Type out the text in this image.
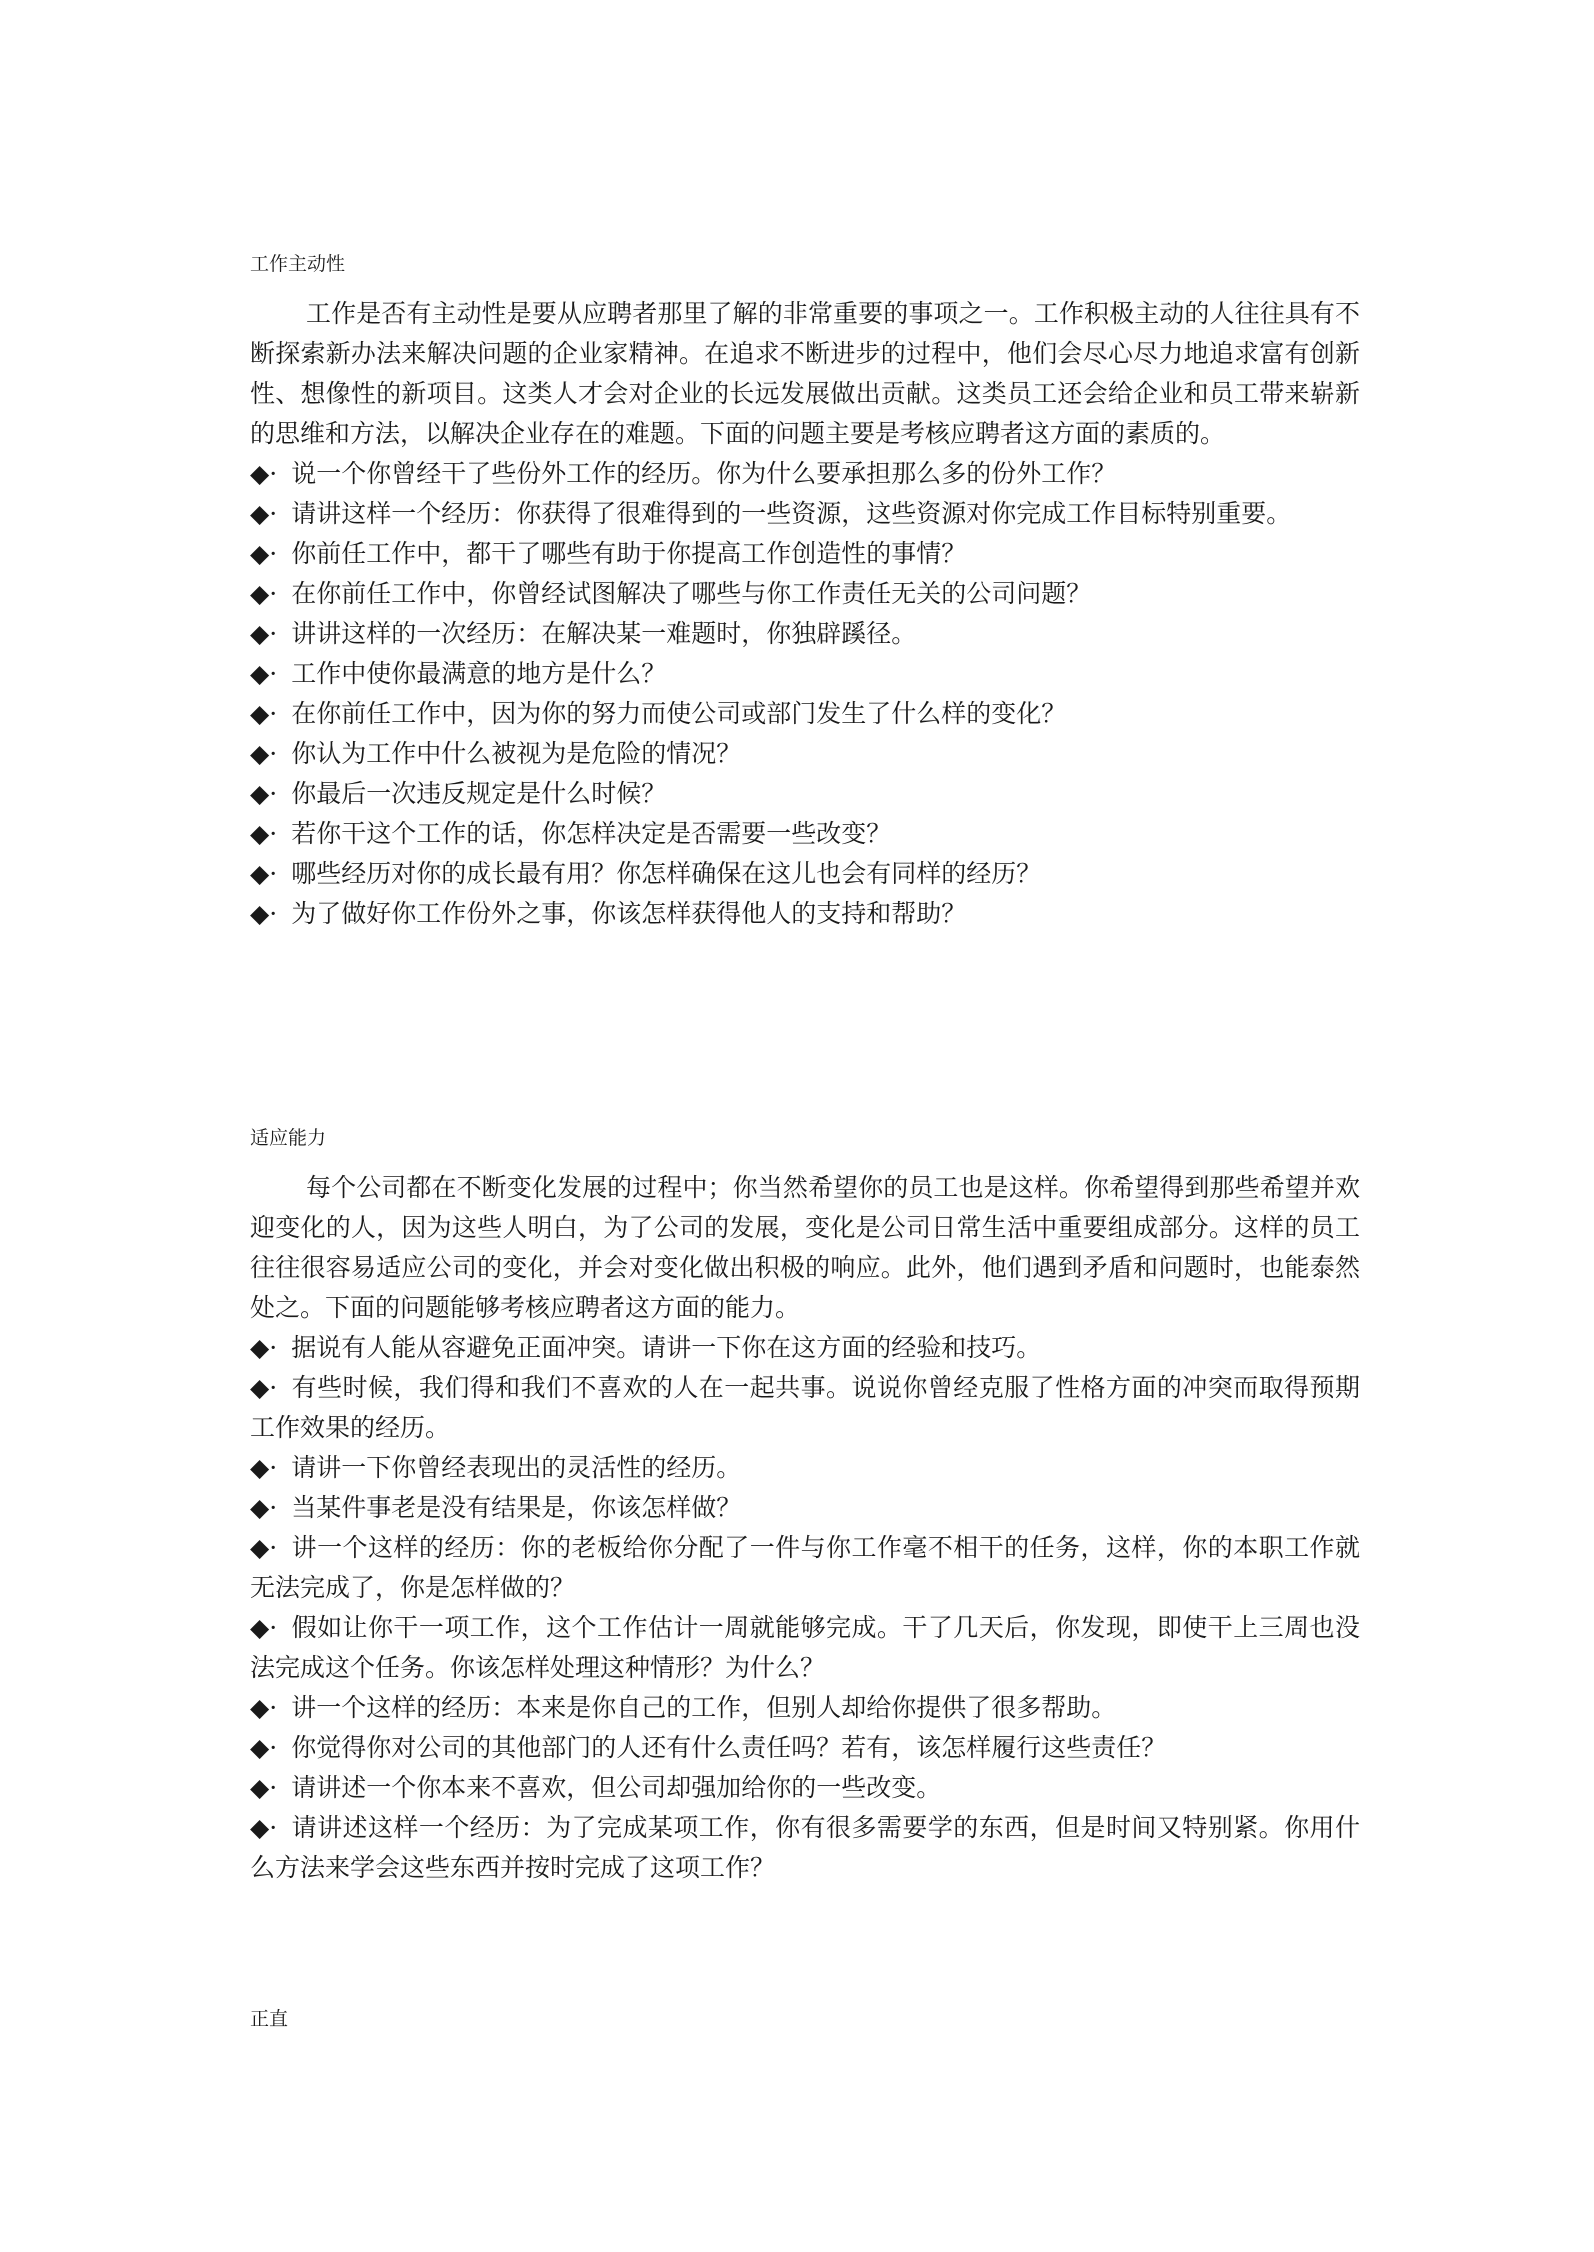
工作主动性

工作是否有主动性是要从应聘者那里了解的非常重要的事项之一。工作积极主动的人往往具有不断探索新办法来解决问题的企业家精神。在追求不断进步的过程中，他们会尽心尽力地追求富有创新性、想像性的新项目。这类人才会对企业的长远发展做出贡献。这类员工还会给企业和员工带来崭新的思维和方法，以解决企业存在的难题。下面的问题主要是考核应聘者这方面的素质的。

◆· 说一个你曾经干了些份外工作的经历。你为什么要承担那么多的份外工作？
◆· 请讲这样一个经历：你获得了很难得到的一些资源，这些资源对你完成工作目标特别重要。
◆· 你前任工作中，都干了哪些有助于你提高工作创造性的事情？
◆· 在你前任工作中，你曾经试图解决了哪些与你工作责任无关的公司问题？
◆· 讲讲这样的一次经历：在解决某一难题时，你独辟蹊径。
◆· 工作中使你最满意的地方是什么？
◆· 在你前任工作中，因为你的努力而使公司或部门发生了什么样的变化？
◆· 你认为工作中什么被视为是危险的情况？
◆· 你最后一次违反规定是什么时候？
◆· 若你干这个工作的话，你怎样决定是否需要一些改变？
◆· 哪些经历对你的成长最有用？你怎样确保在这儿也会有同样的经历？
◆· 为了做好你工作份外之事，你该怎样获得他人的支持和帮助？
适应能力

每个公司都在不断变化发展的过程中；你当然希望你的员工也是这样。你希望得到那些希望并欢迎变化的人，因为这些人明白，为了公司的发展，变化是公司日常生活中重要组成部分。这样的员工往往很容易适应公司的变化，并会对变化做出积极的响应。此外，他们遇到矛盾和问题时，也能泰然处之。下面的问题能够考核应聘者这方面的能力。

◆· 据说有人能从容避免正面冲突。请讲一下你在这方面的经验和技巧。
◆· 有些时候，我们得和我们不喜欢的人在一起共事。说说你曾经克服了性格方面的冲突而取得预期工作效果的经历。
◆· 请讲一下你曾经表现出的灵活性的经历。
◆· 当某件事老是没有结果是，你该怎样做？
◆· 讲一个这样的经历：你的老板给你分配了一件与你工作毫不相干的任务，这样，你的本职工作就无法完成了，你是怎样做的？
◆· 假如让你干一项工作，这个工作估计一周就能够完成。干了几天后，你发现，即使干上三周也没法完成这个任务。你该怎样处理这种情形？为什么？
◆· 讲一个这样的经历：本来是你自己的工作，但别人却给你提供了很多帮助。
◆· 你觉得你对公司的其他部门的人还有什么责任吗？若有，该怎样履行这些责任？
◆· 请讲述一个你本来不喜欢，但公司却强加给你的一些改变。
◆· 请讲述这样一个经历：为了完成某项工作，你有很多需要学的东西，但是时间又特别紧。你用什么方法来学会这些东西并按时完成了这项工作？
正直
